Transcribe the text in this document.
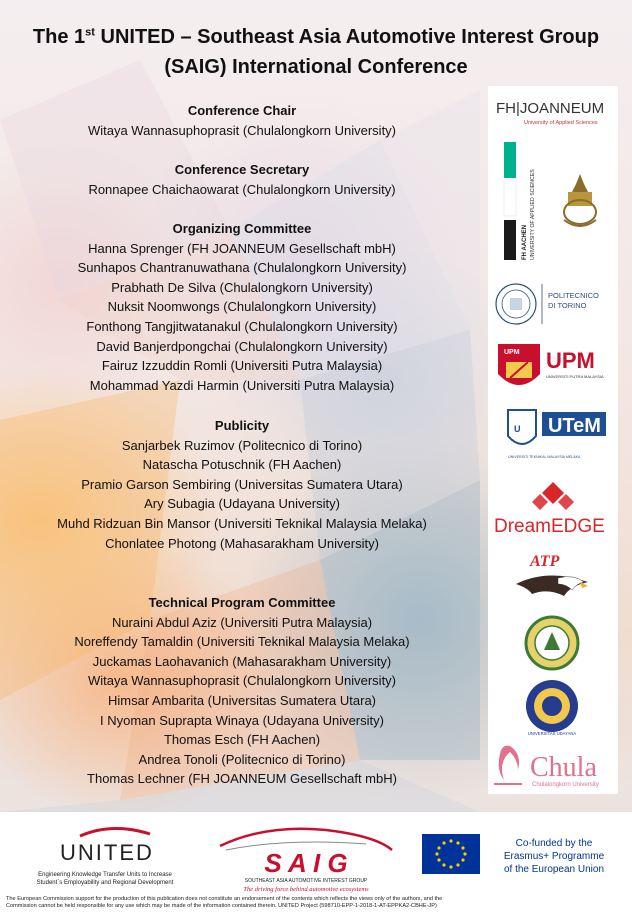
The 1st UNITED – Southeast Asia Automotive Interest Group
(SAIG) International Conference
Conference Chair
Witaya Wannasuphoprasit (Chulalongkorn University)
Conference Secretary
Ronnapee Chaichaowarat (Chulalongkorn University)
Organizing Committee
Hanna Sprenger (FH JOANNEUM Gesellschaft mbH)
Sunhapos Chantranuwathana (Chulalongkorn University)
Prabhath De Silva (Chulalongkorn University)
Nuksit Noomwongs (Chulalongkorn University)
Fonthong Tangjitwatanakul (Chulalongkorn University)
David Banjerdpongchai (Chulalongkorn University)
Fairuz Izzuddin Romli (Universiti Putra Malaysia)
Mohammad Yazdi Harmin (Universiti Putra Malaysia)
Publicity
Sanjarbek Ruzimov (Politecnico di Torino)
Natascha Potuschnik (FH Aachen)
Pramio Garson Sembiring (Universitas Sumatera Utara)
Ary Subagia (Udayana University)
Muhd Ridzuan Bin Mansor (Universiti Teknikal Malaysia Melaka)
Chonlatee Photong (Mahasarakham University)
Technical Program Committee
Nuraini Abdul Aziz (Universiti Putra Malaysia)
Noreffendy Tamaldin (Universiti Teknikal Malaysia Melaka)
Juckamas Laohavanich (Mahasarakham University)
Witaya Wannasuphoprasit (Chulalongkorn University)
Himsar Ambarita (Universitas Sumatera Utara)
I Nyoman Suprapta Winaya (Udayana University)
Thomas Esch (FH Aachen)
Andrea Tonoli (Politecnico di Torino)
Thomas Lechner (FH JOANNEUM Gesellschaft mbH)
FH|JOANNEUM
University of Applied Sciences
FH AACHEN UNIVERSITY OF APPLIED SCIENCES
POLITECNICO
DI TORINO
UPM UPM
UNIVERSITI PUTRA MALAYSIA
U UTeM
UNIVERSITI TEKNIKAL MALAYSIA MELAKA
DreamEDGE
ATP
UNIVERSITAS UDAYANA
Chula
Chulalongkorn University
UNITED
Engineering Knowledge Transfer Units to Increase
Student´s Employability and Regional Development
S A I G
SOUTHEAST ASIA AUTOMOTIVE INTEREST GROUP
The driving force behind automotive ecosystems
Co-funded by the
Erasmus+ Programme
of the European Union
The European Commission support for the production of this publication does not constitute an endorsement of the contents which reflects the views only of the authors, and the
Commission cannot be held responsible for any use which may be made of the information contained therein. UNITED Project (598710-EPP-1-2018-1-AT-EPPKA2-CBHE-JP)
